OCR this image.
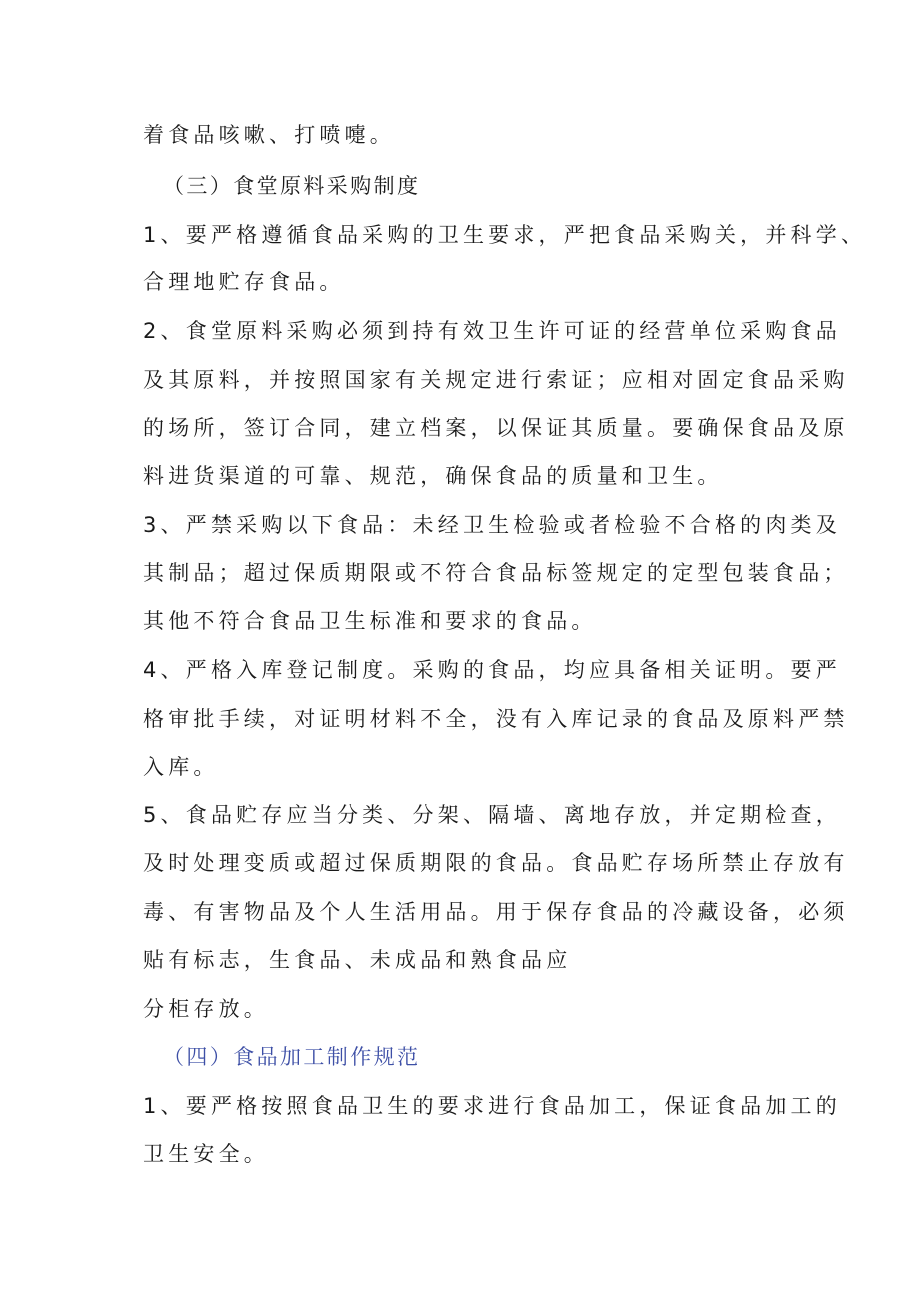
着食品咳嗽、打喷嚏。
（三）食堂原料采购制度
1、要严格遵循食品采购的卫生要求，严把食品采购关，并科学、
合理地贮存食品。
2、食堂原料采购必须到持有效卫生许可证的经营单位采购食品
及其原料，并按照国家有关规定进行索证；应相对固定食品采购
的场所，签订合同，建立档案，以保证其质量。要确保食品及原
料进货渠道的可靠、规范，确保食品的质量和卫生。
3、严禁采购以下食品：未经卫生检验或者检验不合格的肉类及
其制品；超过保质期限或不符合食品标签规定的定型包装食品；
其他不符合食品卫生标准和要求的食品。
4、严格入库登记制度。采购的食品，均应具备相关证明。要严
格审批手续，对证明材料不全，没有入库记录的食品及原料严禁
入库。
5、食品贮存应当分类、分架、隔墙、离地存放，并定期检查，
及时处理变质或超过保质期限的食品。食品贮存场所禁止存放有
毒、有害物品及个人生活用品。用于保存食品的冷藏设备，必须
贴有标志，生食品、未成品和熟食品应
分柜存放。
（四）食品加工制作规范
1、要严格按照食品卫生的要求进行食品加工，保证食品加工的
卫生安全。
